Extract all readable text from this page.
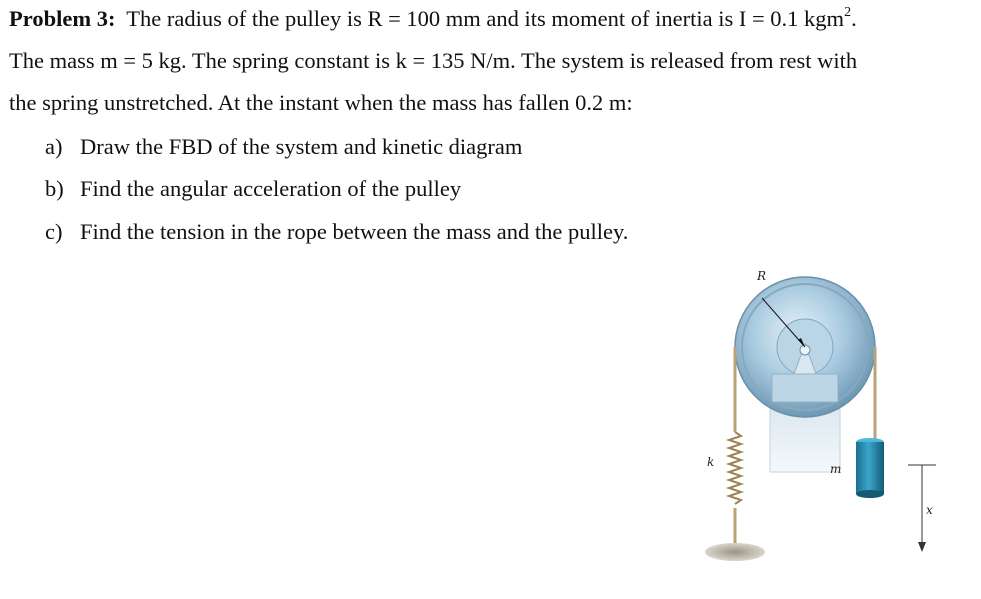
Problem 3: The radius of the pulley is R = 100 mm and its moment of inertia is I = 0.1 kgm$^2$.
The mass m = 5 kg. The spring constant is k = 135 N/m. The system is released from rest with
the spring unstretched. At the instant when the mass has fallen 0.2 m:
a) Draw the FBD of the system and kinetic diagram
b) Find the angular acceleration of the pulley
c) Find the tension in the rope between the mass and the pulley.
R
k	m
x
